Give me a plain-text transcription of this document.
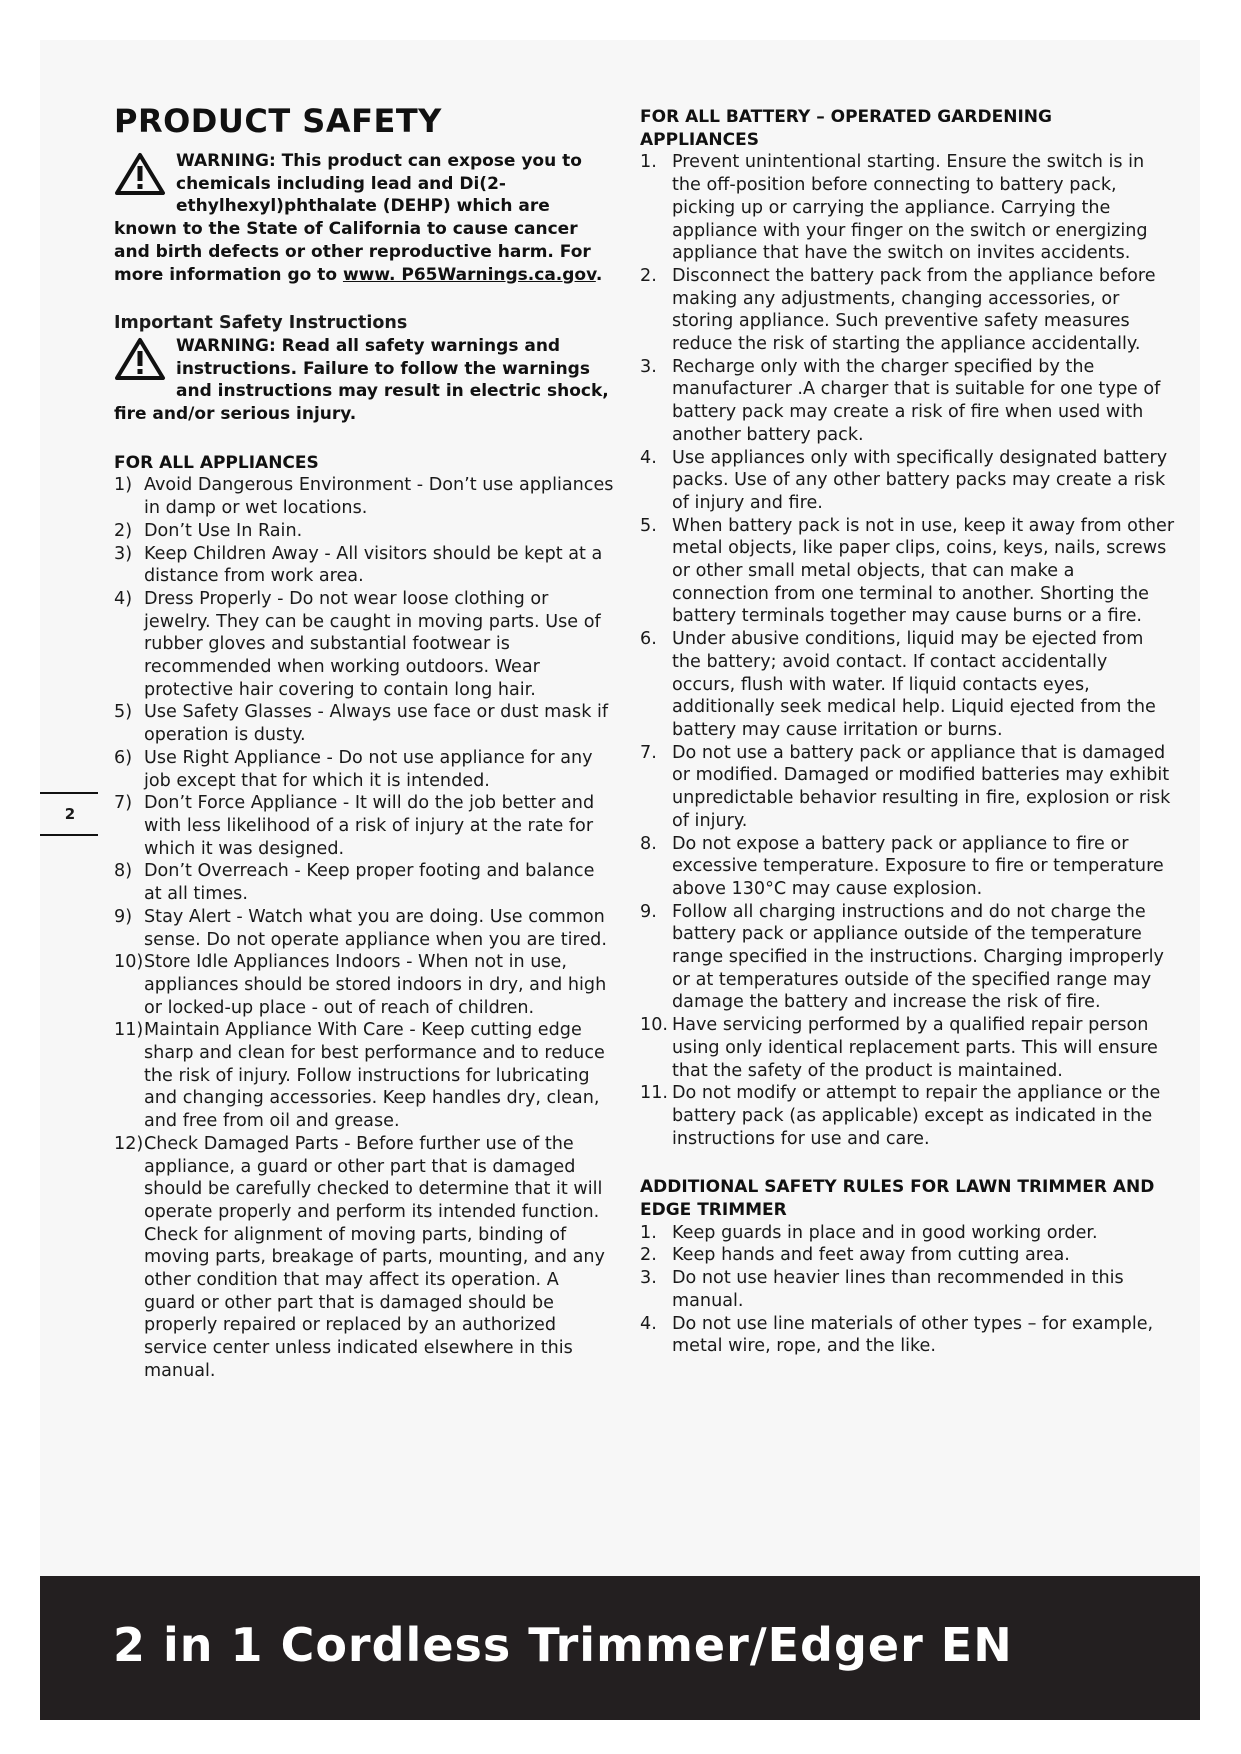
PRODUCT SAFETY
WARNING: This product can expose you to chemicals including lead and Di(2-ethylhexyl)phthalate (DEHP) which are known to the State of California to cause cancer and birth defects or other reproductive harm. For more information go to www. P65Warnings.ca.gov.
Important Safety Instructions
WARNING: Read all safety warnings and instructions. Failure to follow the warnings and instructions may result in electric shock, fire and/or serious injury.
FOR ALL APPLIANCES
1) Avoid Dangerous Environment - Don’t use appliances in damp or wet locations.
2) Don’t Use In Rain.
3) Keep Children Away - All visitors should be kept at a distance from work area.
4) Dress Properly - Do not wear loose clothing or jewelry. They can be caught in moving parts. Use of rubber gloves and substantial footwear is recommended when working outdoors. Wear protective hair covering to contain long hair.
5) Use Safety Glasses - Always use face or dust mask if operation is dusty.
6) Use Right Appliance - Do not use appliance for any job except that for which it is intended.
7) Don’t Force Appliance - It will do the job better and with less likelihood of a risk of injury at the rate for which it was designed.
8) Don’t Overreach - Keep proper footing and balance at all times.
9) Stay Alert - Watch what you are doing. Use common sense. Do not operate appliance when you are tired.
10) Store Idle Appliances Indoors - When not in use, appliances should be stored indoors in dry, and high or locked-up place - out of reach of children.
11) Maintain Appliance With Care - Keep cutting edge sharp and clean for best performance and to reduce the risk of injury. Follow instructions for lubricating and changing accessories. Keep handles dry, clean, and free from oil and grease.
12) Check Damaged Parts - Before further use of the appliance, a guard or other part that is damaged should be carefully checked to determine that it will operate properly and perform its intended function. Check for alignment of moving parts, binding of moving parts, breakage of parts, mounting, and any other condition that may affect its operation. A guard or other part that is damaged should be properly repaired or replaced by an authorized service center unless indicated elsewhere in this manual.
FOR ALL BATTERY – OPERATED GARDENING APPLIANCES
1. Prevent unintentional starting. Ensure the switch is in the off-position before connecting to battery pack, picking up or carrying the appliance. Carrying the appliance with your finger on the switch or energizing appliance that have the switch on invites accidents.
2. Disconnect the battery pack from the appliance before making any adjustments, changing accessories, or storing appliance. Such preventive safety measures reduce the risk of starting the appliance accidentally.
3. Recharge only with the charger specified by the manufacturer .A charger that is suitable for one type of battery pack may create a risk of fire when used with another battery pack.
4. Use appliances only with specifically designated battery packs. Use of any other battery packs may create a risk of injury and fire.
5. When battery pack is not in use, keep it away from other metal objects, like paper clips, coins, keys, nails, screws or other small metal objects, that can make a connection from one terminal to another. Shorting the battery terminals together may cause burns or a fire.
6. Under abusive conditions, liquid may be ejected from the battery; avoid contact. If contact accidentally occurs, flush with water. If liquid contacts eyes, additionally seek medical help. Liquid ejected from the battery may cause irritation or burns.
7. Do not use a battery pack or appliance that is damaged or modified. Damaged or modified batteries may exhibit unpredictable behavior resulting in fire, explosion or risk of injury.
8. Do not expose a battery pack or appliance to fire or excessive temperature. Exposure to fire or temperature above 130°C may cause explosion.
9. Follow all charging instructions and do not charge the battery pack or appliance outside of the temperature range specified in the instructions. Charging improperly or at temperatures outside of the specified range may damage the battery and increase the risk of fire.
10. Have servicing performed by a qualified repair person using only identical replacement parts. This will ensure that the safety of the product is maintained.
11. Do not modify or attempt to repair the appliance or the battery pack (as applicable) except as indicated in the instructions for use and care.
ADDITIONAL SAFETY RULES FOR LAWN TRIMMER AND EDGE TRIMMER
1. Keep guards in place and in good working order.
2. Keep hands and feet away from cutting area.
3. Do not use heavier lines than recommended in this manual.
4. Do not use line materials of other types – for example, metal wire, rope, and the like.
2
2 in 1 Cordless Trimmer/Edger EN
